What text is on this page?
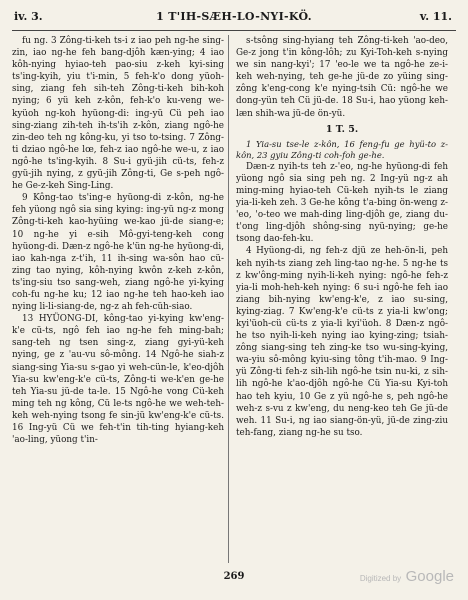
iv. 3.	1 T'IH-SÆH-LO-NYI-KÖ.	v. 11.

fu ng. 3 Zông-ti-keh ts-i z iao peh ng-he sing-zin, iao ng-he feh bang-djôh kæn-ying; 4 iao kôh-nying hyiao-teh pao-siu z-keh kyi-sing ts'ing-kyih, yiu t'i-min, 5 feh-k'o dong yüoh-sing, ziang feh sih-teh Zông-ti-keh bih-koh nying; 6 yü keh z-kôn, feh-k'o ku-veng we-kyüoh ng-koh hyüong-di: ing-yü Cü peh iao sing-ziang zih-teh ih-ts'ih z-kôn, ziang ngô-he zin-deo teh ng kông-ku, yi tso to-tsing. 7 Zông-ti dziao ngô-he lœ, feh-z iao ngô-he we-u, z iao ngô-he ts'ing-kyih. 8 Su-i gyü-jih cü-ts, feh-z gyü-jih nying, z gyü-jih Zông-ti, Ge s-peh ngô-he Ge-z-keh Sing-Ling.

9 Kông-tao ts'ing-e hyüong-di z-kôn, ng-he feh yüong ngô sia sing kying: ing-yü ng-z mong Zông-ti-keh kao-hyüing we-kao jü-de siang-e; 10 ng-he yi e-sih Mô-gyi-teng-keh cong hyüong-di. Dæn-z ngô-he k'ün ng-he hyüong-di, iao kah-nga z-t'ih, 11 ih-sing wa-sôn hao cü-zing tao nying, kôh-nying kwôn z-keh z-kôn, ts'ing-siu tso sang-weh, ziang ngô-he yi-kying coh-fu ng-he ku; 12 iao ng-he teh hao-keh iao nying li-li-siang-de, ng-z ah feh-cüh-siao.

13 HYÜONG-DI, kông-tao yi-kying kw'eng-k'e cü-ts, ngô feh iao ng-he feh ming-bah; sang-teh ng tsen sing-z, ziang gyi-yü-keh nying, ge z 'au-vu sô-mông. 14 Ngô-he siah-z siang-sing Yia-su s-gao yi weh-cün-le, k'eo-djôh Yia-su kw'eng-k'e cü-ts, Zông-ti we-k'en ge-he teh Yia-su jü-de ta-le. 15 Ngô-he vong Cü-keh ming teh ng kông, Cü le-ts ngô-he we weh-teh-keh weh-nying tsong fe sin-jü kw'eng-k'e cü-ts. 16 Ing-yü Cü we feh-t'in tih-ting hyiang-keh 'ao-ling, yüong t'in-

s-tsông sing-hyiang teh Zông-ti-keh 'ao-deo, Ge-z jong t'in kông-lôh; zu Kyi-Toh-keh s-nying we sin nang-kyi'; 17 'eo-le we ta ngô-he ze-i-keh weh-nying, teh ge-he jü-de zo yüing sing-zông k'eng-cong k'e nying-tsih Cü: ngô-he we dong-yün teh Cü jü-de. 18 Su-i, hao yüong keh-læn shih-wa jü-de ön-yü.

1 T. 5.

1 Yia-su tse-le z-kôn, 16 feng-fu ge hyü-to z-kôn, 23 gyiu Zông-ti coh-foh ge-he.

Dæn-z nyih-ts teh z-'eo, ng-he hyüong-di feh yüong ngô sia sing peh ng. 2 Ing-yü ng-z ah ming-ming hyiao-teh Cü-keh nyih-ts le ziang yia-li-keh zeh. 3 Ge-he kông t'a-bing ön-weng z-'eo, 'o-teo we mah-ding ling-djôh ge, ziang du-t'ong ling-djôh shông-sing nyü-nying; ge-he tsong dao-feh-ku.

4 Hyüong-di, ng feh-z djü ze heh-ön-li, peh keh nyih-ts ziang zeh ling-tao ng-he. 5 ng-he ts z kw'ông-ming nyih-li-keh nying: ngô-he feh-z yia-li moh-heh-keh nying: 6 su-i ngô-he feh iao ziang bih-nying kw'eng-k'e, z iao su-sing, kying-ziag. 7 Kw'eng-k'e cü-ts z yia-li kw'ong; kyi'üoh-cü cü-ts z yia-li kyi'üoh. 8 Dæn-z ngô-he tso nyih-li-keh nying iao kying-zing; tsiah-zông siang-sing teh zing-ke tso wu-sing-kying, wa-yiu sô-mông kyiu-sing tông t'ih-mao. 9 Ing-yü Zông-ti feh-z sih-lih ngô-he tsin nu-ki, z sih-lih ngô-he k'ao-djôh ngô-he Cü Yia-su Kyi-toh hao teh kyiu, 10 Ge z yü ngô-he s, peh ngô-he weh-z s-vu z kw'eng, du neng-keo teh Ge jü-de weh. 11 Su-i, ng iao siang-ön-yü, jü-de zing-ziu teh-fang, ziang ng-he su tso.

269	Digitized by Google
